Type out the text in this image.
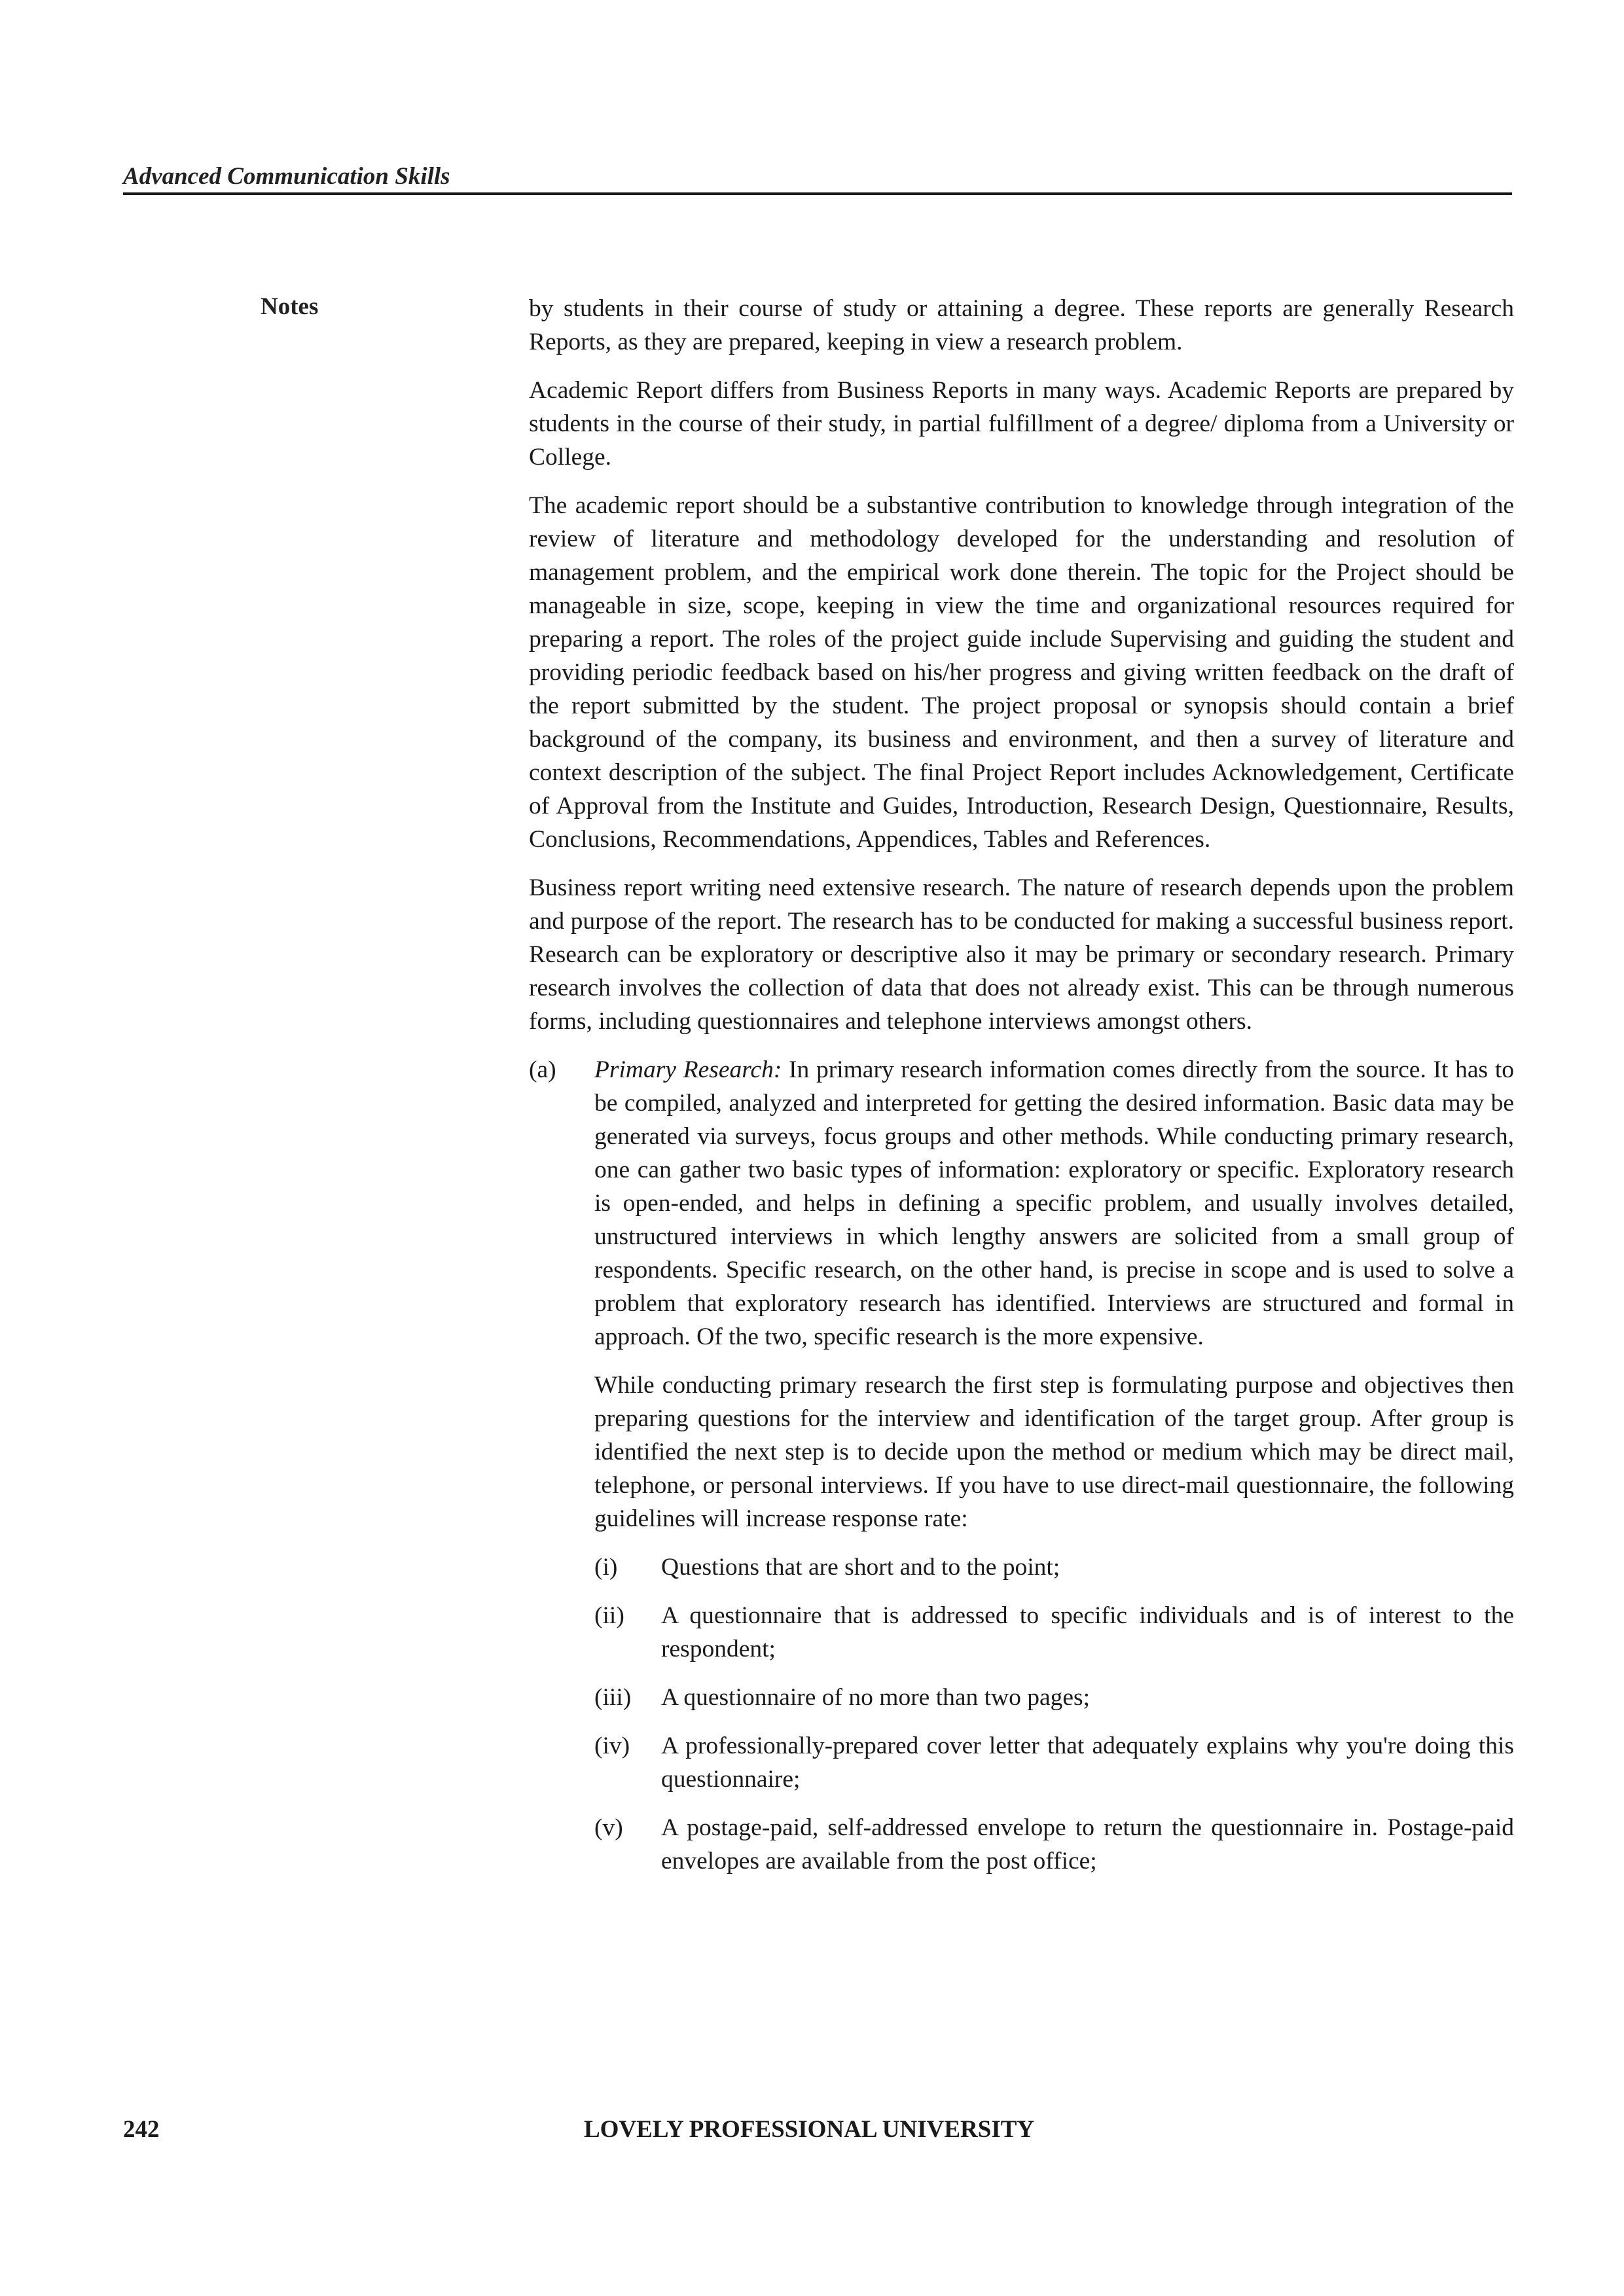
Advanced Communication Skills
Notes	by students in their course of study or attaining a degree. These reports are generally Research Reports, as they are prepared, keeping in view a research problem.

Academic Report differs from Business Reports in many ways. Academic Reports are prepared by students in the course of their study, in partial fulfillment of a degree/ diploma from a University or College.

The academic report should be a substantive contribution to knowledge through integration of the review of literature and methodology developed for the understanding and resolution of management problem, and the empirical work done therein. The topic for the Project should be manageable in size, scope, keeping in view the time and organizational resources required for preparing a report. The roles of the project guide include Supervising and guiding the student and providing periodic feedback based on his/her progress and giving written feedback on the draft of the report submitted by the student. The project proposal or synopsis should contain a brief background of the company, its business and environment, and then a survey of literature and context description of the subject. The final Project Report includes Acknowledgement, Certificate of Approval from the Institute and Guides, Introduction, Research Design, Questionnaire, Results, Conclusions, Recommendations, Appendices, Tables and References.

Business report writing need extensive research. The nature of research depends upon the problem and purpose of the report. The research has to be conducted for making a successful business report. Research can be exploratory or descriptive also it may be primary or secondary research. Primary research involves the collection of data that does not already exist. This can be through numerous forms, including questionnaires and telephone interviews amongst others.

(a) Primary Research: In primary research information comes directly from the source. It has to be compiled, analyzed and interpreted for getting the desired information. Basic data may be generated via surveys, focus groups and other methods. While conducting primary research, one can gather two basic types of information: exploratory or specific. Exploratory research is open-ended, and helps in defining a specific problem, and usually involves detailed, unstructured interviews in which lengthy answers are solicited from a small group of respondents. Specific research, on the other hand, is precise in scope and is used to solve a problem that exploratory research has identified. Interviews are structured and formal in approach. Of the two, specific research is the more expensive.

While conducting primary research the first step is formulating purpose and objectives then preparing questions for the interview and identification of the target group. After group is identified the next step is to decide upon the method or medium which may be direct mail, telephone, or personal interviews. If you have to use direct-mail questionnaire, the following guidelines will increase response rate:

(i) Questions that are short and to the point;
(ii) A questionnaire that is addressed to specific individuals and is of interest to the respondent;
(iii) A questionnaire of no more than two pages;
(iv) A professionally-prepared cover letter that adequately explains why you're doing this questionnaire;
(v) A postage-paid, self-addressed envelope to return the questionnaire in. Postage-paid envelopes are available from the post office;
242	LOVELY PROFESSIONAL UNIVERSITY
